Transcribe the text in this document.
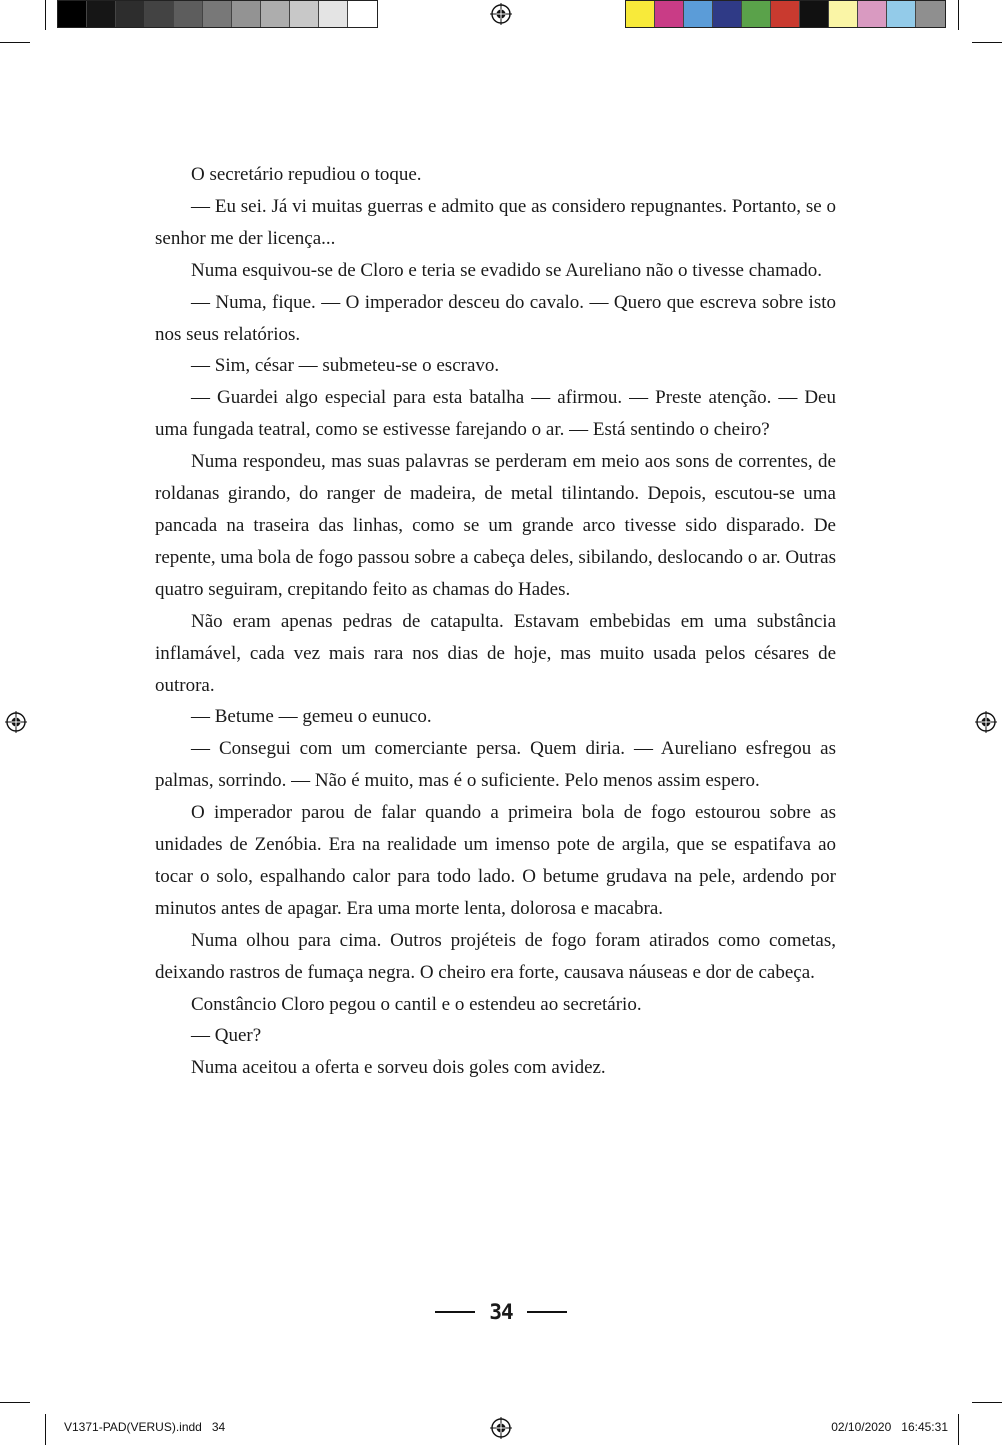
O secretário repudiou o toque.

— Eu sei. Já vi muitas guerras e admito que as considero repugnantes. Portanto, se o senhor me der licença...

Numa esquivou-se de Cloro e teria se evadido se Aureliano não o tivesse chamado.

— Numa, fique. — O imperador desceu do cavalo. — Quero que escreva sobre isto nos seus relatórios.

— Sim, césar — submeteu-se o escravo.

— Guardei algo especial para esta batalha — afirmou. — Preste atenção. — Deu uma fungada teatral, como se estivesse farejando o ar. — Está sentindo o cheiro?

Numa respondeu, mas suas palavras se perderam em meio aos sons de correntes, de roldanas girando, do ranger de madeira, de metal tilintando. Depois, escutou-se uma pancada na traseira das linhas, como se um grande arco tivesse sido disparado. De repente, uma bola de fogo passou sobre a cabeça deles, sibilando, deslocando o ar. Outras quatro seguiram, crepitando feito as chamas do Hades.

Não eram apenas pedras de catapulta. Estavam embebidas em uma substância inflamável, cada vez mais rara nos dias de hoje, mas muito usada pelos césares de outrora.

— Betume — gemeu o eunuco.

— Consegui com um comerciante persa. Quem diria. — Aureliano esfregou as palmas, sorrindo. — Não é muito, mas é o suficiente. Pelo menos assim espero.

O imperador parou de falar quando a primeira bola de fogo estourou sobre as unidades de Zenóbia. Era na realidade um imenso pote de argila, que se espatifava ao tocar o solo, espalhando calor para todo lado. O betume grudava na pele, ardendo por minutos antes de apagar. Era uma morte lenta, dolorosa e macabra.

Numa olhou para cima. Outros projéteis de fogo foram atirados como cometas, deixando rastros de fumaça negra. O cheiro era forte, causava náuseas e dor de cabeça.

Constâncio Cloro pegou o cantil e o estendeu ao secretário.

— Quer?

Numa aceitou a oferta e sorveu dois goles com avidez.

34
V1371-PAD(VERUS).indd   34	02/10/2020   16:45:31
